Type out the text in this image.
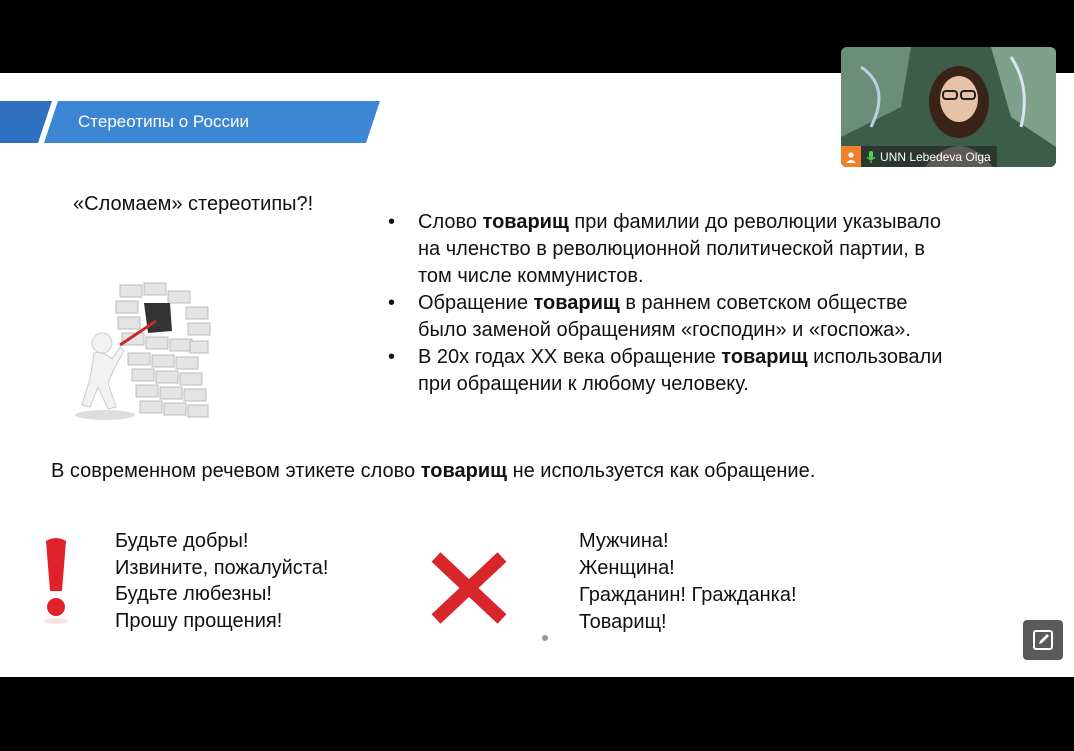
Стереотипы о России
«Сломаем» стереотипы?!
• Слово товарищ при фамилии до революции указывало
на членство в революционной политической партии, в
том числе коммунистов.
• Обращение товарищ в раннем советском обществе
было заменой обращениям «господин» и «госпожа».
• В 20х годах XX века обращение товарищ использовали
при обращении к любому человеку.
В современном речевом этикете слово товарищ не используется как обращение.
Будьте добры!
Извините, пожалуйста!
Будьте любезны!
Прошу прощения!
Мужчина!
Женщина!
Гражданин! Гражданка!
Товарищ!
UNN Lebedeva Olga
